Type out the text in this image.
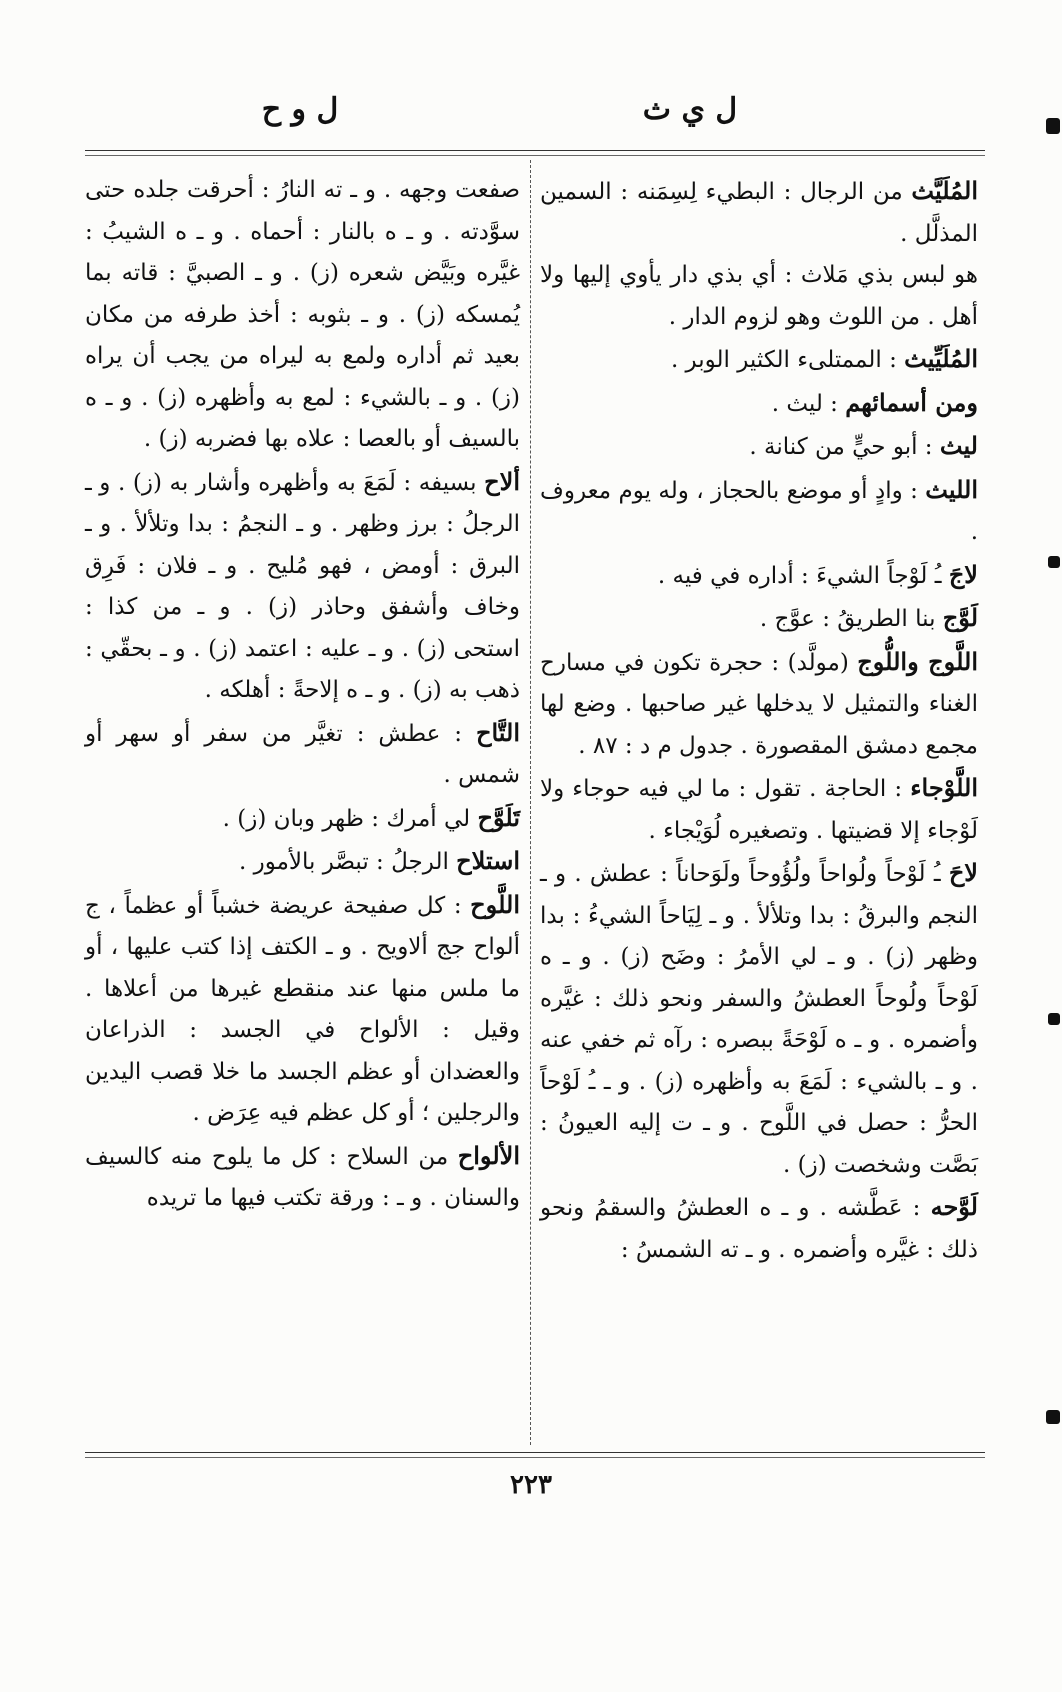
ل ي ث
ل و ح

المُلَيَّث من الرجال : البطيء لِسِمَنه : السمين المذلَّل .

هو لبس بذي مَلاث : أي بذي دار يأوي إليها ولا أهل . من اللوث وهو لزوم الدار .

المُلَيِّيث : الممتلىء الكثير الوبر .

ومن أسمائهم : ليث .

ليث : أبو حيٍّ من كنانة .

الليث : وادٍ أو موضع بالحجاز ، وله يوم معروف .

لاجَ ـُ لَوْجاً الشيءَ : أداره في فيه .

لَوَّج بنا الطريقُ : عوَّج .

اللَّوج واللُّوج (مولَّد) : حجرة تكون في مسارح الغناء والتمثيل لا يدخلها غير صاحبها . وضع لها مجمع دمشق المقصورة . جدول م د : ٨٧ .

اللَّوْجاء : الحاجة . تقول : ما لي فيه حوجاء ولا لَوْجاء إلا قضيتها . وتصغيره لُوَيْجاء .

لاحَ ـُ لَوْحاً ولُواحاً ولُؤُوحاً ولَوَحاناً : عطش . و ـ النجم والبرقُ : بدا وتلألأ . و ـ لِيَاحاً الشيءُ : بدا وظهر (ز) . و ـ لي الأمرُ : وضَح (ز) . و ـ ه لَوْحاً ولُوحاً العطشُ والسفر ونحو ذلك : غيَّره وأضمره . و ـ ه لَوْحَةً ببصره : رآه ثم خفي عنه . و ـ بالشيء : لَمَعَ به وأظهره (ز) . و ـ ـُ لَوْحاً الحرُّ : حصل في اللَّوح . و ـ ت إليه العيونُ : بَصَّت وشخصت (ز) .

لَوَّحه : عَطَّشه . و ـ ه العطشُ والسقمُ ونحو ذلك : غيَّره وأضمره . و ـ ته الشمسُ :

صفعت وجهه . و ـ ته النارُ : أحرقت جلده حتى سوَّدته . و ـ ه بالنار : أحماه . و ـ ه الشيبُ : غيَّره وبَيَّض شعره (ز) . و ـ الصبيَّ : قاته بما يُمسكه (ز) . و ـ بثوبه : أخذ طرفه من مكان بعيد ثم أداره ولمع به ليراه من يجب أن يراه (ز) . و ـ بالشيء : لمع به وأظهره (ز) . و ـ ه بالسيف أو بالعصا : علاه بها فضربه (ز) .

ألاح بسيفه : لَمَعَ به وأظهره وأشار به (ز) . و ـ الرجلُ : برز وظهر . و ـ النجمُ : بدا وتلألأ . و ـ البرق : أومض ، فهو مُليح . و ـ فلان : فَرِق وخاف وأشفق وحاذر (ز) . و ـ من كذا : استحى (ز) . و ـ عليه : اعتمد (ز) . و ـ بحقّي : ذهب به (ز) . و ـ ه إلاحةً : أهلكه .

التَّاح : عطش : تغيَّر من سفر أو سهر أو شمس .

تَلَوَّح لي أمرك : ظهر وبان (ز) .

استلاح الرجلُ : تبصَّر بالأمور .

اللَّوح : كل صفيحة عريضة خشباً أو عظماً ، ج ألواح جج ألاويح . و ـ الكتف إذا كتب عليها ، أو ما ملس منها عند منقطع غيرها من أعلاها . وقيل : الألواح في الجسد : الذراعان والعضدان أو عظم الجسد ما خلا قصب اليدين والرجلين ؛ أو كل عظم فيه عِرَض .

الألواح من السلاح : كل ما يلوح منه كالسيف والسنان . و ـ : ورقة تكتب فيها ما تريده

٢٢٣
